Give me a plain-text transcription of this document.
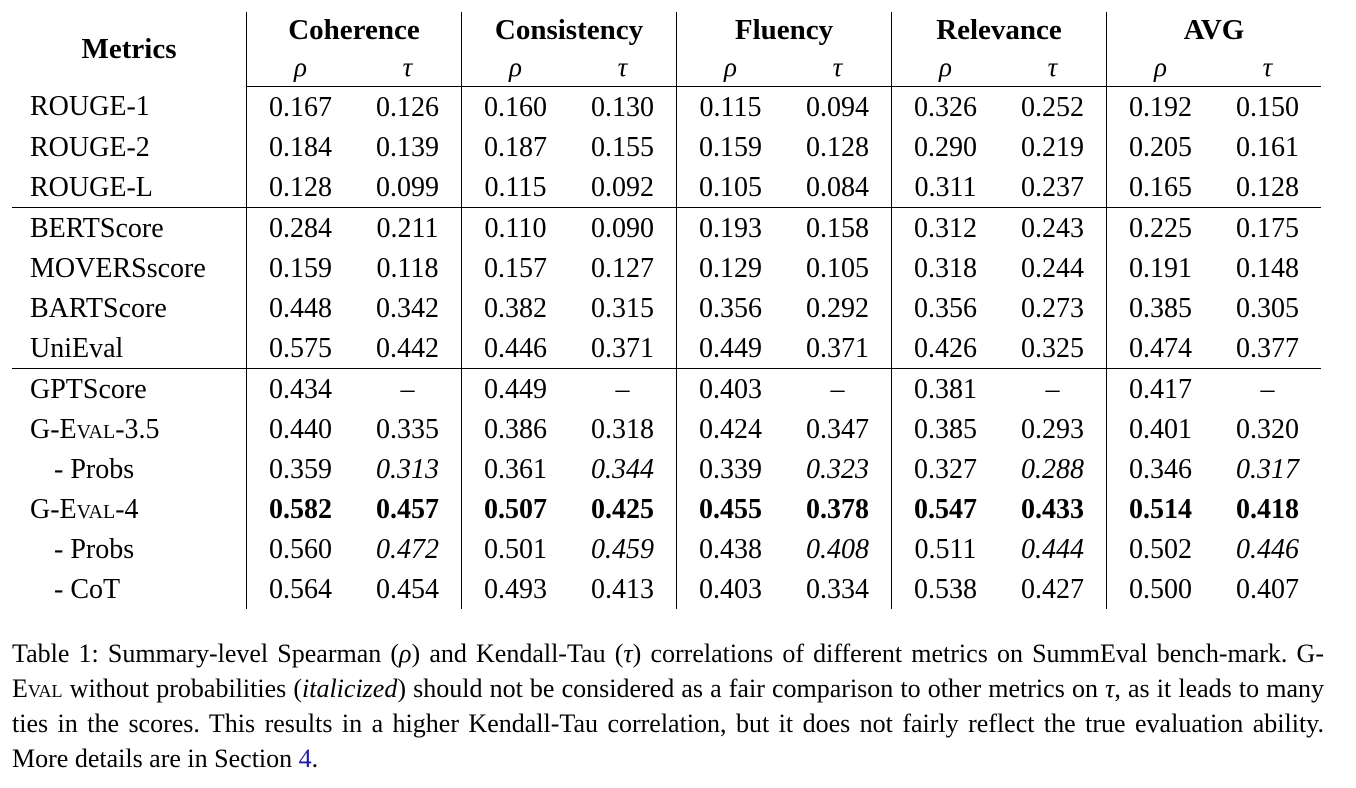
Metrics	Coherence		Consistency		Fluency		Relevance		AVG	
	ρ	τ	ρ	τ	ρ	τ	ρ	τ	ρ	τ
ROUGE-1	0.167	0.126	0.160	0.130	0.115	0.094	0.326	0.252	0.192	0.150
ROUGE-2	0.184	0.139	0.187	0.155	0.159	0.128	0.290	0.219	0.205	0.161
ROUGE-L	0.128	0.099	0.115	0.092	0.105	0.084	0.311	0.237	0.165	0.128
BERTScore	0.284	0.211	0.110	0.090	0.193	0.158	0.312	0.243	0.225	0.175
MOVERSscore	0.159	0.118	0.157	0.127	0.129	0.105	0.318	0.244	0.191	0.148
BARTScore	0.448	0.342	0.382	0.315	0.356	0.292	0.356	0.273	0.385	0.305
UniEval	0.575	0.442	0.446	0.371	0.449	0.371	0.426	0.325	0.474	0.377
GPTScore	0.434	–	0.449	–	0.403	–	0.381	–	0.417	–
G-Eval-3.5	0.440	0.335	0.386	0.318	0.424	0.347	0.385	0.293	0.401	0.320
- Probs	0.359	0.313	0.361	0.344	0.339	0.323	0.327	0.288	0.346	0.317
G-Eval-4	0.582	0.457	0.507	0.425	0.455	0.378	0.547	0.433	0.514	0.418
- Probs	0.560	0.472	0.501	0.459	0.438	0.408	0.511	0.444	0.502	0.446
- CoT	0.564	0.454	0.493	0.413	0.403	0.334	0.538	0.427	0.500	0.407
Table 1: Summary-level Spearman (ρ) and Kendall-Tau (τ) correlations of different metrics on SummEval bench-mark. G-Eval without probabilities (italicized) should not be considered as a fair comparison to other metrics on τ, as it leads to many ties in the scores. This results in a higher Kendall-Tau correlation, but it does not fairly reflect the true evaluation ability. More details are in Section 4.
